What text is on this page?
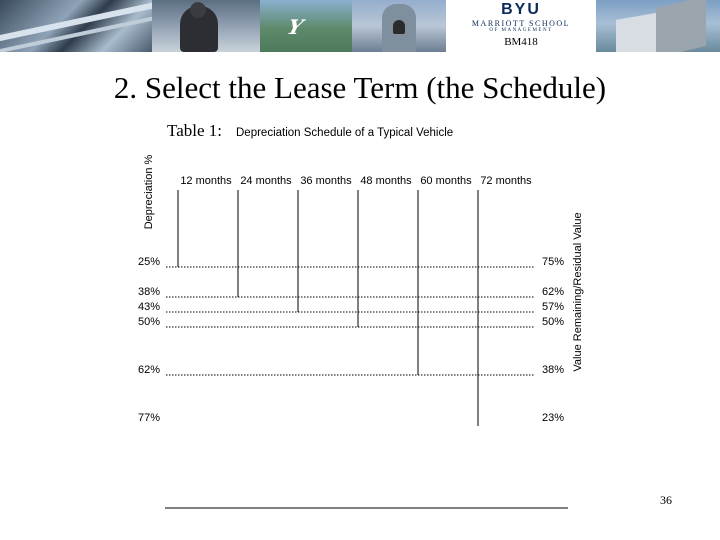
Y
BYU
MARRIOTT SCHOOL
OF MANAGEMENT
BM418
2. Select the Lease Term (the Schedule)
Table 1: Depreciation Schedule of a Typical Vehicle
Depreciation %
Value Remaining/Residual Value
12 months 24 months 36 months 48 months 60 months 72 months
25%	75%
38%	62%
43%	57%
50%	50%
62%	38%
77%	23%
36
